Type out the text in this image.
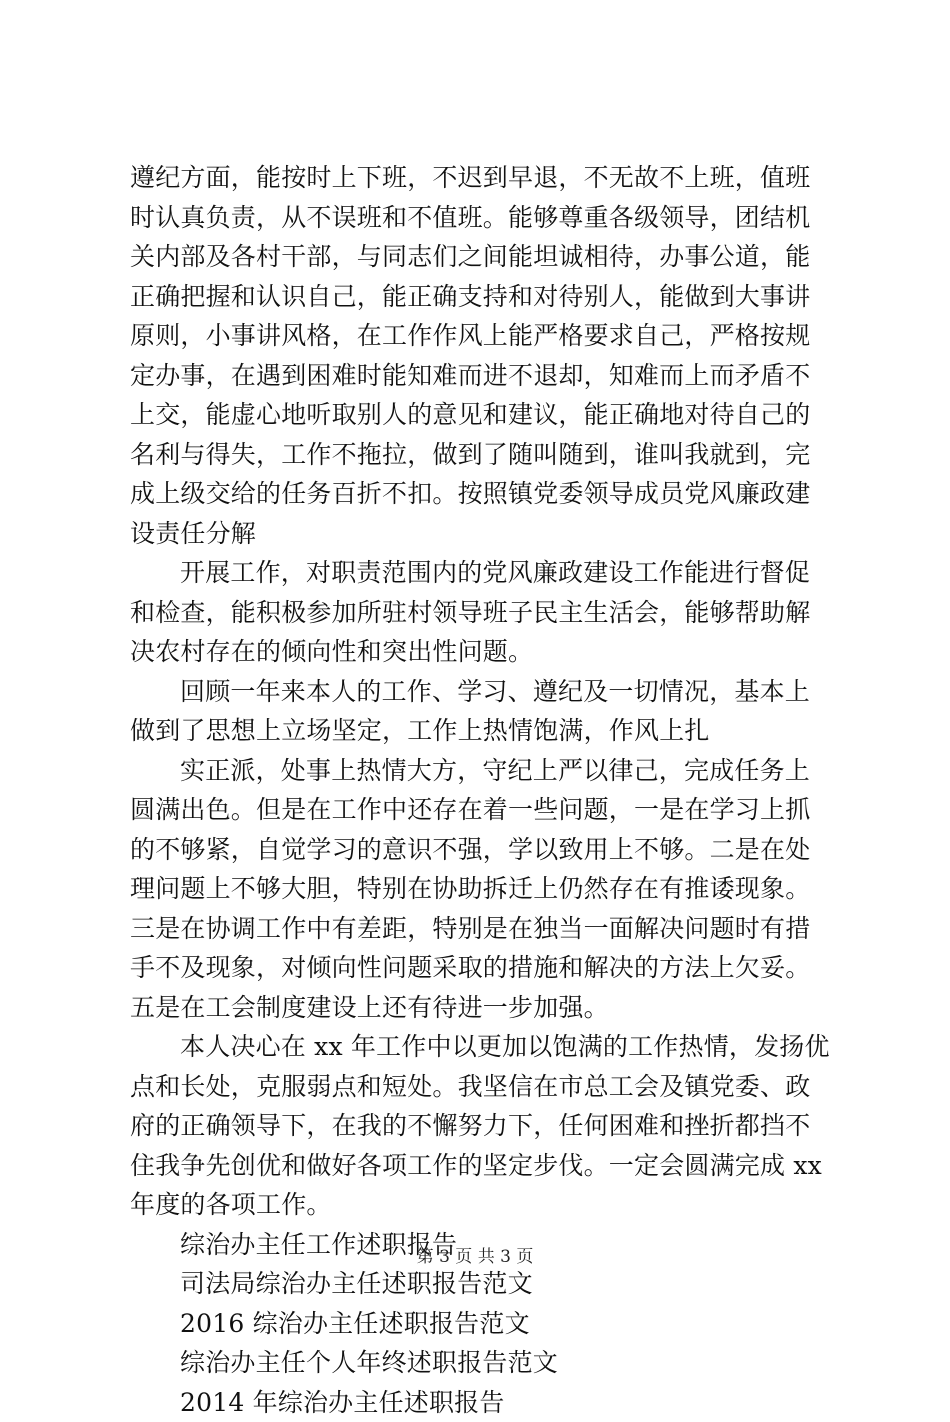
遵纪方面，能按时上下班，不迟到早退，不无故不上班，值班
时认真负责，从不误班和不值班。能够尊重各级领导，团结机
关内部及各村干部，与同志们之间能坦诚相待，办事公道，能
正确把握和认识自己，能正确支持和对待别人，能做到大事讲
原则，小事讲风格，在工作作风上能严格要求自己，严格按规
定办事，在遇到困难时能知难而进不退却，知难而上而矛盾不
上交，能虚心地听取别人的意见和建议，能正确地对待自己的
名利与得失，工作不拖拉，做到了随叫随到，谁叫我就到，完
成上级交给的任务百折不扣。按照镇党委领导成员党风廉政建
设责任分解
开展工作，对职责范围内的党风廉政建设工作能进行督促
和检查，能积极参加所驻村领导班子民主生活会，能够帮助解
决农村存在的倾向性和突出性问题。
回顾一年来本人的工作、学习、遵纪及一切情况，基本上
做到了思想上立场坚定，工作上热情饱满，作风上扎
实正派，处事上热情大方，守纪上严以律己，完成任务上
圆满出色。但是在工作中还存在着一些问题，一是在学习上抓
的不够紧，自觉学习的意识不强，学以致用上不够。二是在处
理问题上不够大胆，特别在协助拆迁上仍然存在有推诿现象。
三是在协调工作中有差距，特别是在独当一面解决问题时有措
手不及现象，对倾向性问题采取的措施和解决的方法上欠妥。
五是在工会制度建设上还有待进一步加强。
本人决心在 xx 年工作中以更加以饱满的工作热情，发扬优
点和长处，克服弱点和短处。我坚信在市总工会及镇党委、政
府的正确领导下，在我的不懈努力下，任何困难和挫折都挡不
住我争先创优和做好各项工作的坚定步伐。一定会圆满完成 xx
年度的各项工作。
综治办主任工作述职报告
司法局综治办主任述职报告范文
2016 综治办主任述职报告范文
综治办主任个人年终述职报告范文
2014 年综治办主任述职报告
第 3 页 共 3 页
